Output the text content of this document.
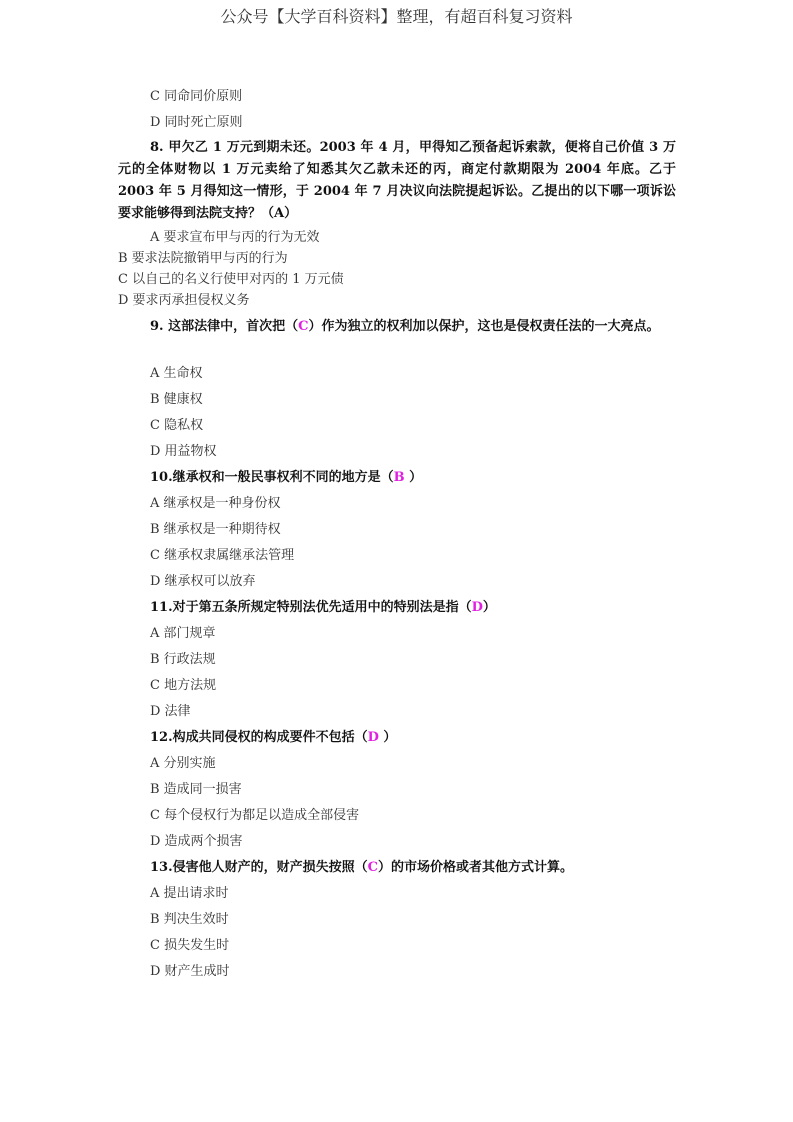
公众号【大学百科资料】整理，有超百科复习资料
C 同命同价原则
D 同时死亡原则
8. 甲欠乙 1 万元到期未还。2003 年 4 月，甲得知乙预备起诉索款，便将自己价值 3 万元的全体财物以 1 万元卖给了知悉其欠乙款未还的丙，商定付款期限为 2004 年底。乙于 2003 年 5 月得知这一情形，于 2004 年 7 月决议向法院提起诉讼。乙提出的以下哪一项诉讼要求能够得到法院支持？（A）
A 要求宣布甲与丙的行为无效
B 要求法院撤销甲与丙的行为
C 以自己的名义行使甲对丙的 1 万元债
D 要求丙承担侵权义务
9. 这部法律中，首次把（C）作为独立的权利加以保护，这也是侵权责任法的一大亮点。
A 生命权
B 健康权
C 隐私权
D 用益物权
10.继承权和一般民事权利不同的地方是（B ）
A 继承权是一种身份权
B 继承权是一种期待权
C 继承权隶属继承法管理
D 继承权可以放弃
11.对于第五条所规定特别法优先适用中的特别法是指（D）
A 部门规章
B 行政法规
C 地方法规
D 法律
12.构成共同侵权的构成要件不包括（D ）
A 分别实施
B 造成同一损害
C 每个侵权行为都足以造成全部侵害
D 造成两个损害
13.侵害他人财产的，财产损失按照（C）的市场价格或者其他方式计算。
A 提出请求时
B 判决生效时
C 损失发生时
D 财产生成时
